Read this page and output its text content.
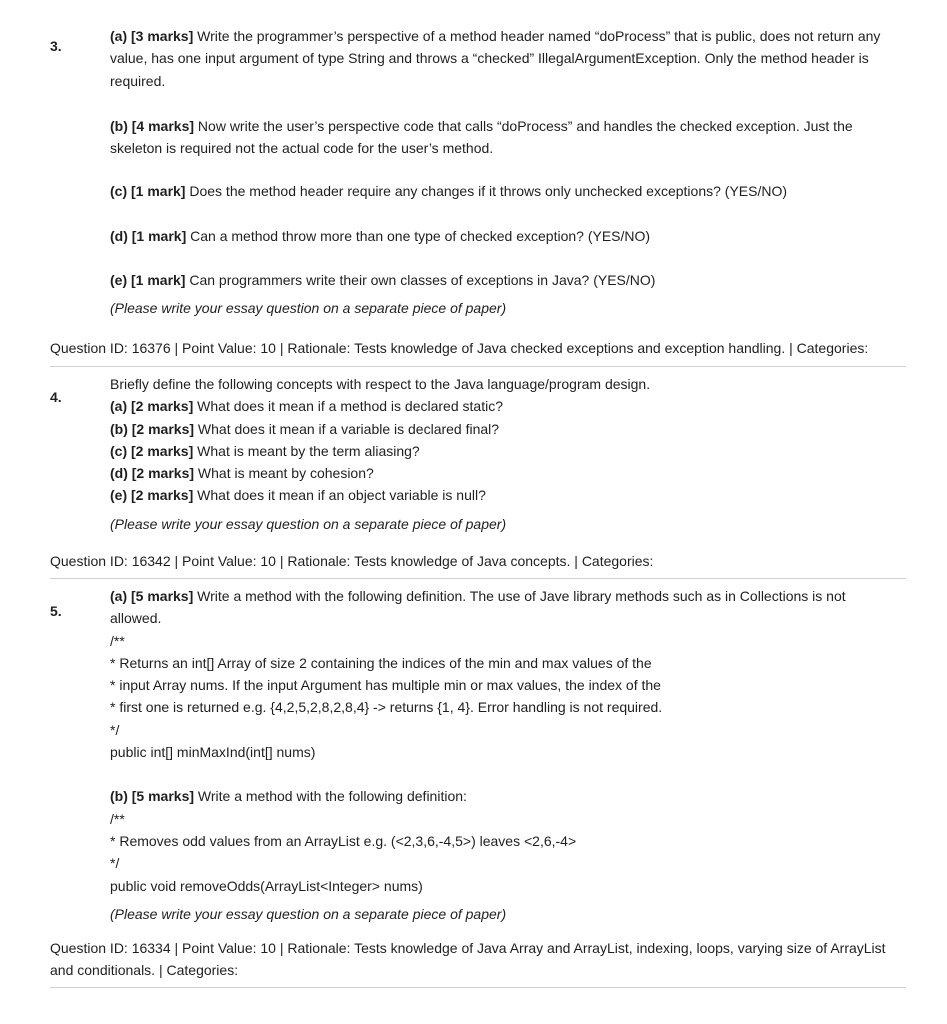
3.

(a) [3 marks] Write the programmer’s perspective of a method header named “doProcess” that is public, does not return any value, has one input argument of type String and throws a “checked” IllegalArgumentException. Only the method header is required.

(b) [4 marks] Now write the user’s perspective code that calls “doProcess” and handles the checked exception. Just the skeleton is required not the actual code for the user’s method.

(c) [1 mark] Does the method header require any changes if it throws only unchecked exceptions? (YES/NO)

(d) [1 mark] Can a method throw more than one type of checked exception? (YES/NO)

(e) [1 mark] Can programmers write their own classes of exceptions in Java? (YES/NO)

(Please write your essay question on a separate piece of paper)

Question ID: 16376 | Point Value: 10 | Rationale: Tests knowledge of Java checked exceptions and exception handling. | Categories:
4.

Briefly define the following concepts with respect to the Java language/program design.

(a) [2 marks] What does it mean if a method is declared static?

(b) [2 marks] What does it mean if a variable is declared final?

(c) [2 marks] What is meant by the term aliasing?

(d) [2 marks] What is meant by cohesion?

(e) [2 marks] What does it mean if an object variable is null?

(Please write your essay question on a separate piece of paper)

Question ID: 16342 | Point Value: 10 | Rationale: Tests knowledge of Java concepts. | Categories:
5.

(a) [5 marks] Write a method with the following definition. The use of Jave library methods such as in Collections is not allowed.

/**

* Returns an int[] Array of size 2 containing the indices of the min and max values of the

* input Array nums. If the input Argument has multiple min or max values, the index of the

* first one is returned e.g. {4,2,5,2,8,2,8,4} -> returns {1, 4}. Error handling is not required.

*/

public int[] minMaxInd(int[] nums)

(b) [5 marks] Write a method with the following definition:

/**

* Removes odd values from an ArrayList e.g. (<2,3,6,-4,5>) leaves <2,6,-4>

*/

public void removeOdds(ArrayList<Integer> nums)

(Please write your essay question on a separate piece of paper)

Question ID: 16334 | Point Value: 10 | Rationale: Tests knowledge of Java Array and ArrayList, indexing, loops, varying size of ArrayList and conditionals. | Categories:
